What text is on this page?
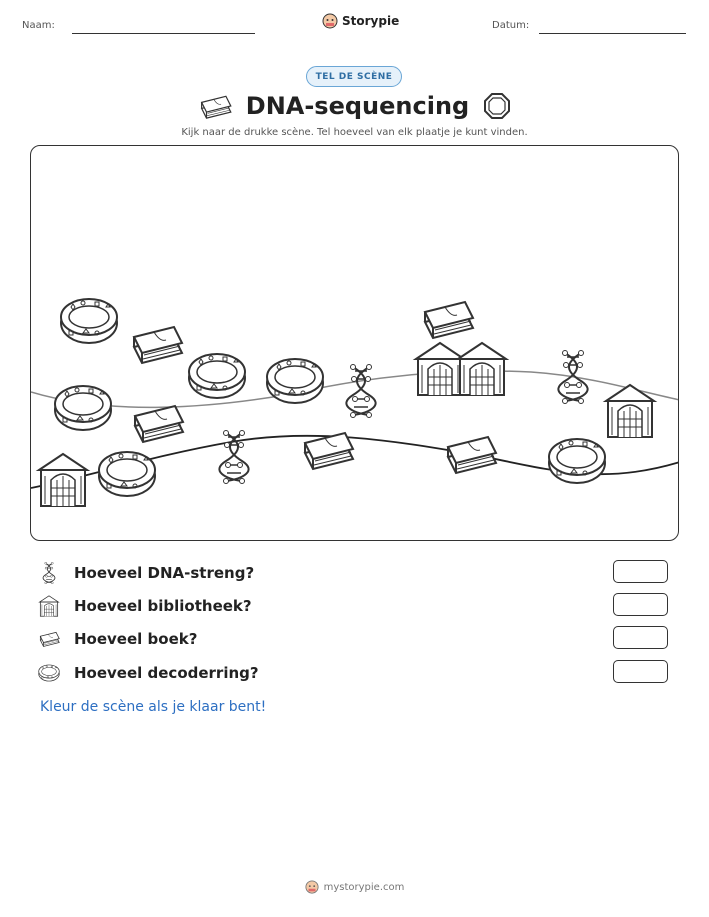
Naam:	Storypie	Datum:
TEL DE SCÈNE
DNA-sequencing
Kijk naar de drukke scène. Tel hoeveel van elk plaatje je kunt vinden.
Hoeveel DNA-streng?
Hoeveel bibliotheek?
Hoeveel boek?
Hoeveel decoderring?
Kleur de scène als je klaar bent!
mystorypie.com
